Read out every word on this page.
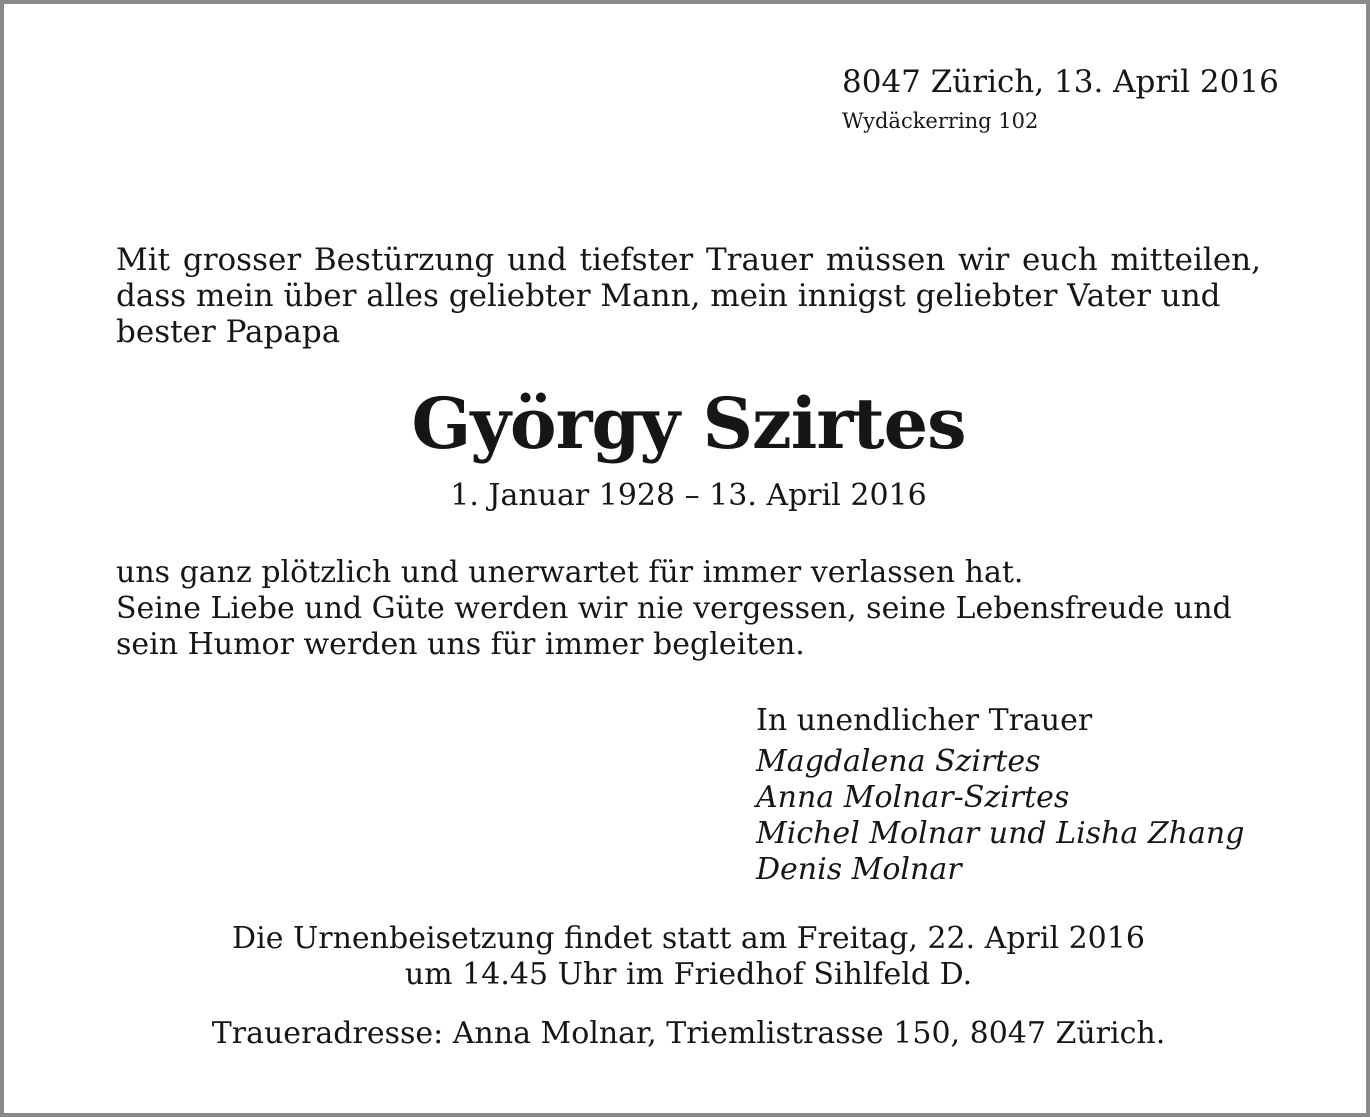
8047 Zürich, 13. April 2016
Wydäckerring 102
Mit grosser Bestürzung und tiefster Trauer müssen wir euch mitteilen, dass mein über alles geliebter Mann, mein innigst geliebter Vater und
bester Papapa
György Szirtes
1. Januar 1928 – 13. April 2016

uns ganz plötzlich und unerwartet für immer verlassen hat.

Seine Liebe und Güte werden wir nie vergessen, seine Lebensfreude und

sein Humor werden uns für immer begleiten.

In unendlicher Trauer
Magdalena Szirtes
Anna Molnar-Szirtes
Michel Molnar und Lisha Zhang
Denis Molnar
Die Urnenbeisetzung findet statt am Freitag, 22. April 2016
um 14.45 Uhr im Friedhof Sihlfeld D.
Traueradresse: Anna Molnar, Triemlistrasse 150, 8047 Zürich.
